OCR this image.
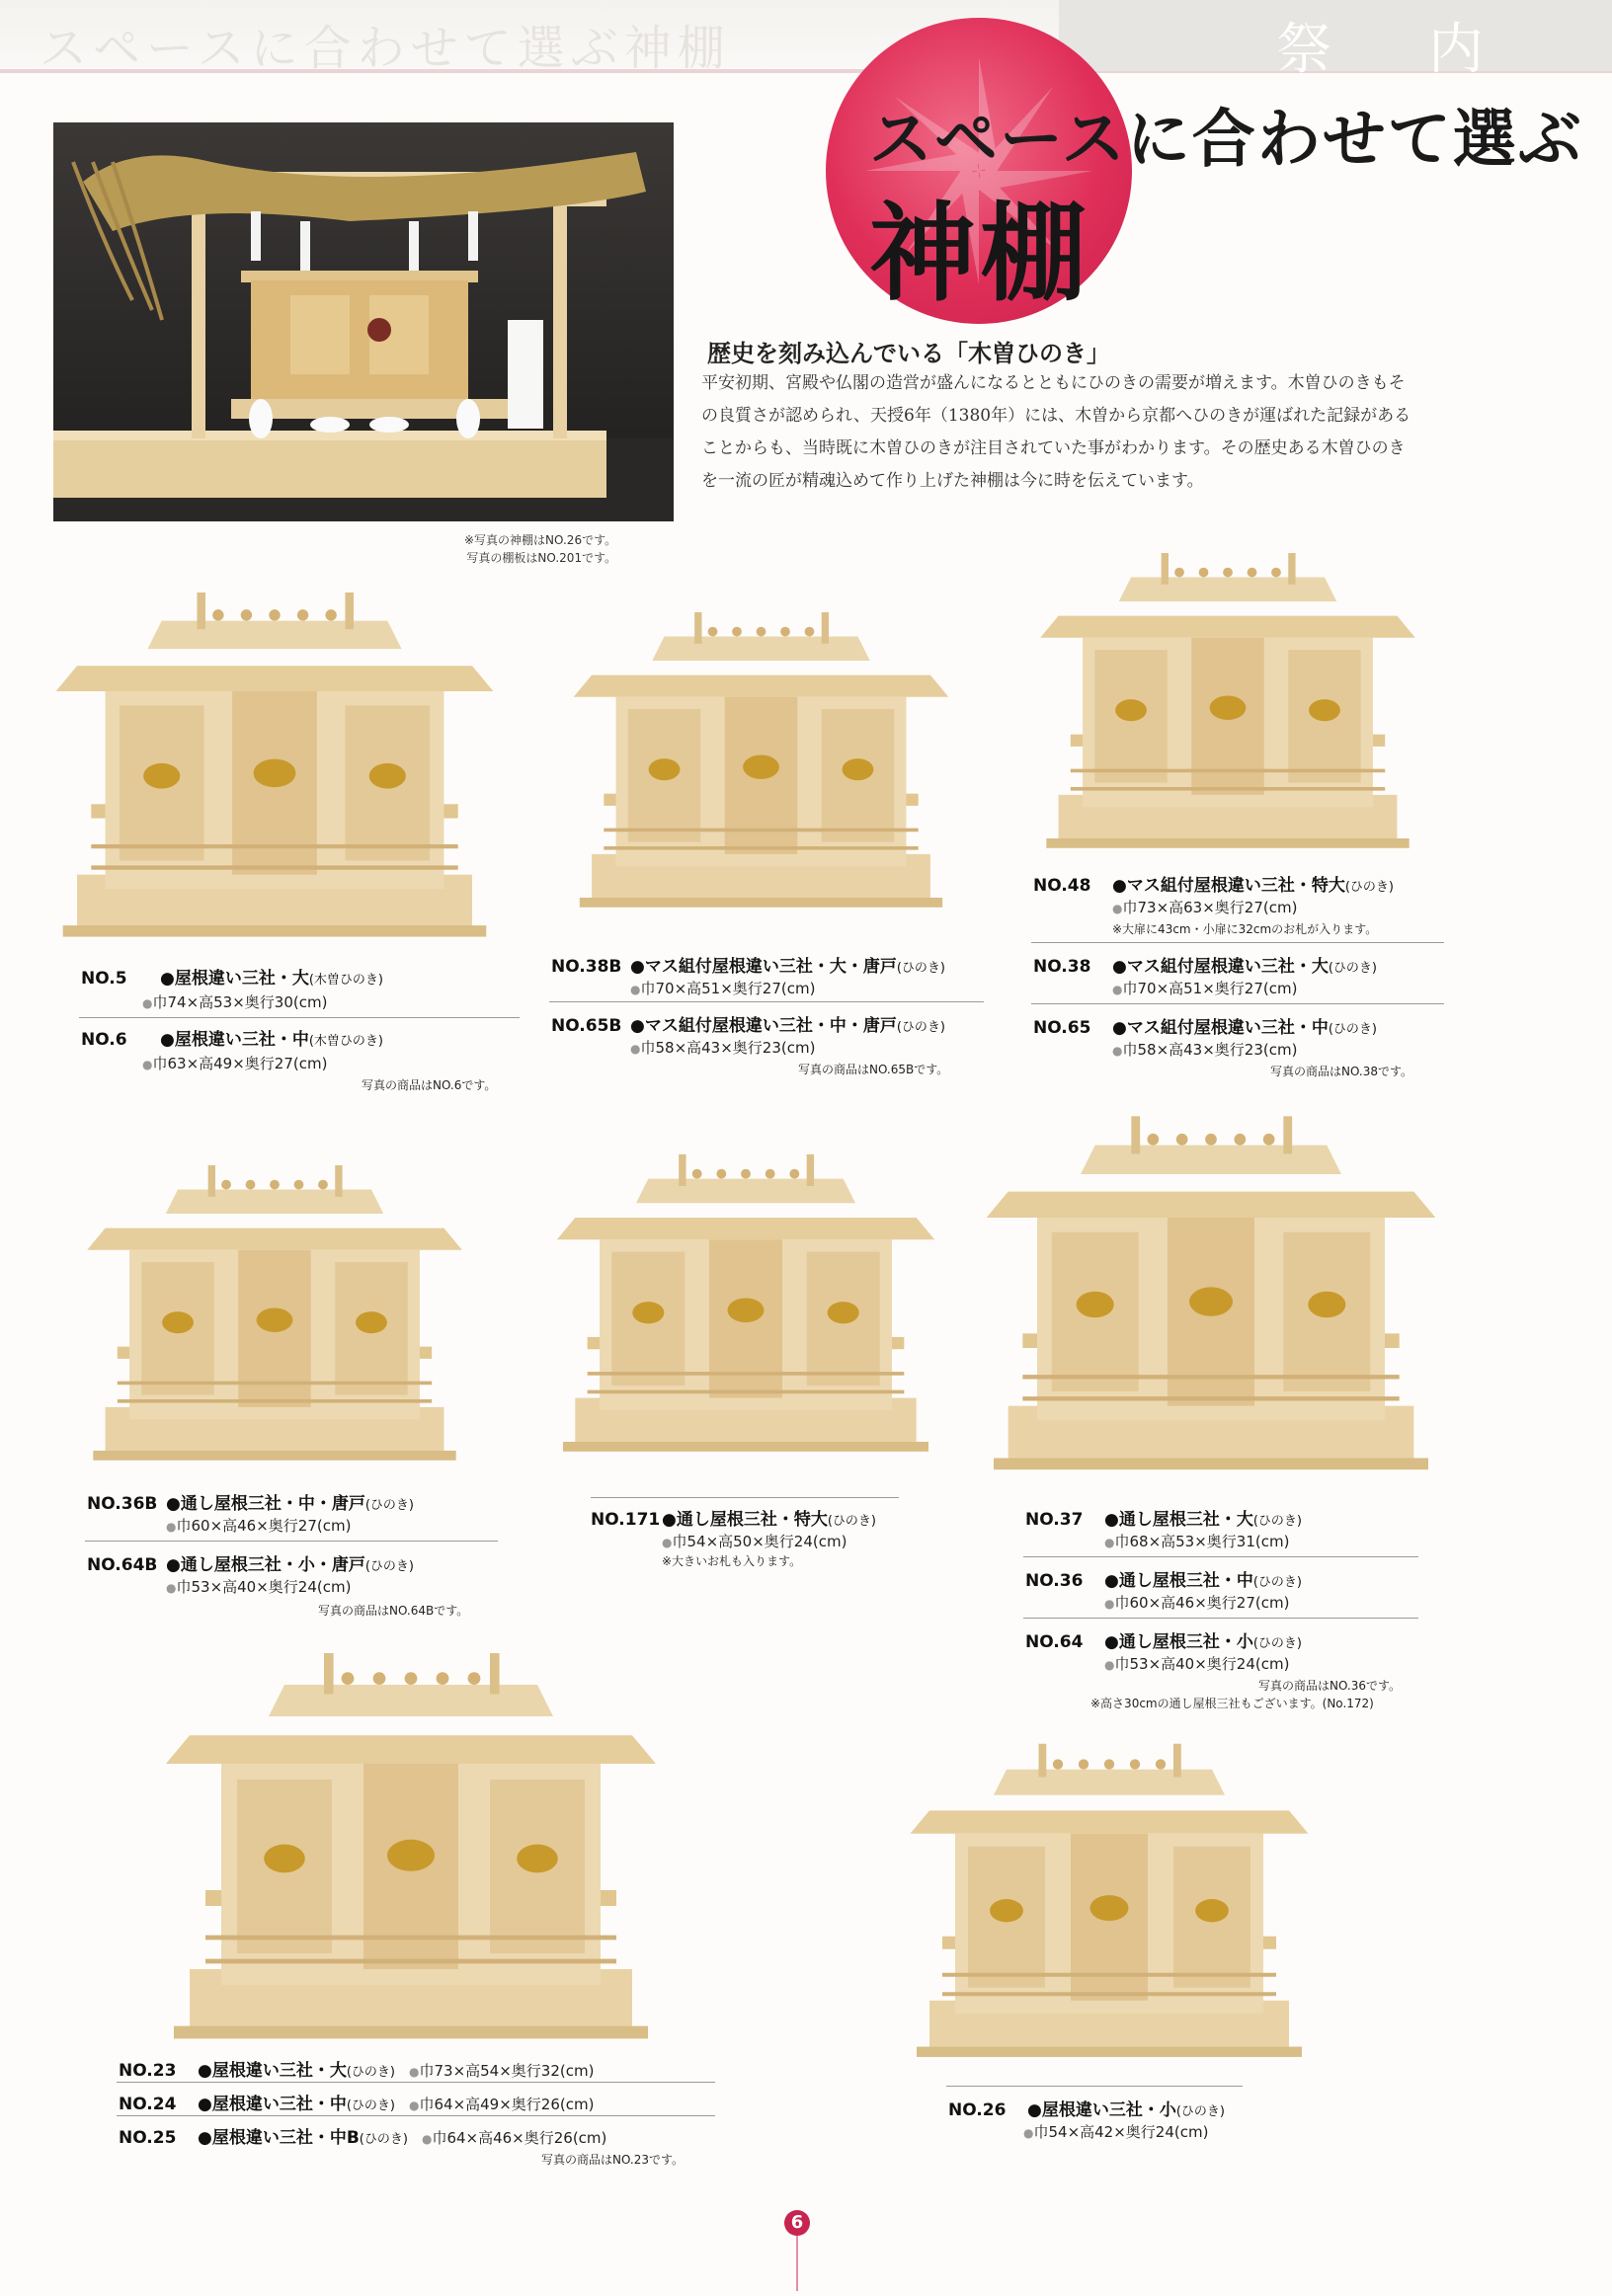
スペースに合わせて選ぶ神棚	祭 内
スペースに合わせて選ぶ
神棚
※写真の神棚はNO.26です。
写真の棚板はNO.201です。
歴史を刻み込んでいる「木曽ひのき」
平安初期、宮殿や仏閣の造営が盛んになるとともにひのきの需要が増えます。木曽ひのきもその良質さが認められ、天授6年（1380年）には、木曽から京都へひのきが運ばれた記録があることからも、当時既に木曽ひのきが注目されていた事がわかります。その歴史ある木曽ひのきを一流の匠が精魂込めて作り上げた神棚は今に時を伝えています。
NO.5 ●屋根違い三社・大(木曽ひのき)
●巾74×高53×奥行30(cm)
NO.6 ●屋根違い三社・中(木曽ひのき)
●巾63×高49×奥行27(cm)
写真の商品はNO.6です。
NO.38B ●マス組付屋根違い三社・大・唐戸(ひのき)
●巾70×高51×奥行27(cm)
NO.65B ●マス組付屋根違い三社・中・唐戸(ひのき)
●巾58×高43×奥行23(cm)
写真の商品はNO.65Bです。
NO.48 ●マス組付屋根違い三社・特大(ひのき)
●巾73×高63×奥行27(cm)
※大扉に43cm・小扉に32cmのお札が入ります。
NO.38 ●マス組付屋根違い三社・大(ひのき)
●巾70×高51×奥行27(cm)
NO.65 ●マス組付屋根違い三社・中(ひのき)
●巾58×高43×奥行23(cm)
写真の商品はNO.38です。
NO.36B ●通し屋根三社・中・唐戸(ひのき)
●巾60×高46×奥行27(cm)
NO.64B ●通し屋根三社・小・唐戸(ひのき)
●巾53×高40×奥行24(cm)
写真の商品はNO.64Bです。
NO.171 ●通し屋根三社・特大(ひのき)
●巾54×高50×奥行24(cm)
※大きいお札も入ります。
NO.37 ●通し屋根三社・大(ひのき)
●巾68×高53×奥行31(cm)
NO.36 ●通し屋根三社・中(ひのき)
●巾60×高46×奥行27(cm)
NO.64 ●通し屋根三社・小(ひのき)
●巾53×高40×奥行24(cm)
写真の商品はNO.36です。
※高さ30cmの通し屋根三社もございます。(No.172)
NO.23 ●屋根違い三社・大(ひのき) ●巾73×高54×奥行32(cm)
NO.24 ●屋根違い三社・中(ひのき) ●巾64×高49×奥行26(cm)
NO.25 ●屋根違い三社・中B(ひのき) ●巾64×高46×奥行26(cm)
写真の商品はNO.23です。
NO.26 ●屋根違い三社・小(ひのき)
●巾54×高42×奥行24(cm)
6
